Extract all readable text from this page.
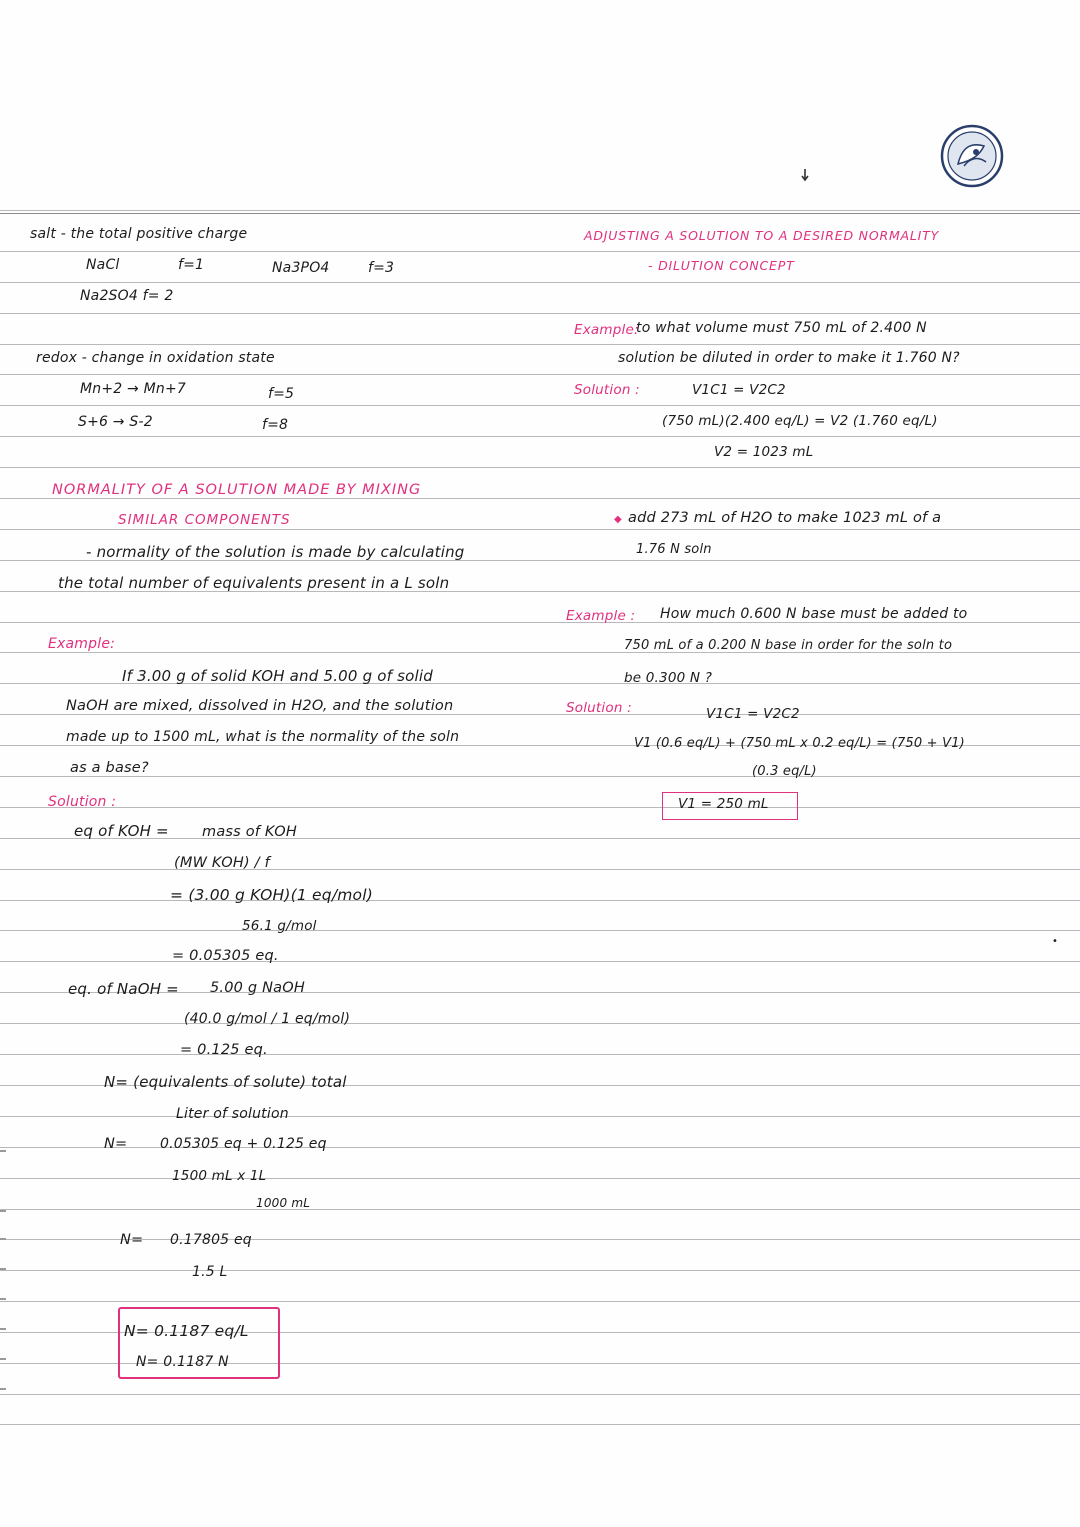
salt - the total positive charge
NaCl	f=1	Na3PO4	f=3
Na2SO4 f= 2
redox - change in oxidation state
Mn+2 → Mn+7	f=5
S+6 → S-2	f=8
NORMALITY OF A SOLUTION MADE BY MIXING
SIMILAR COMPONENTS
- normality of the solution is made by calculating
the total number of equivalents present in a L soln
Example:
If 3.00 g of solid KOH and 5.00 g of solid
NaOH are mixed, dissolved in H2O, and the solution
made up to 1500 mL, what is the normality of the soln
as a base?
Solution :
eq of KOH = mass of KOH
(MW KOH) / f
= (3.00 g KOH)(1 eq/mol)
56.1 g/mol
= 0.05305 eq.
eq. of NaOH = 5.00 g NaOH
(40.0 g/mol / 1 eq/mol)
= 0.125 eq.
N= (equivalents of solute) total
Liter of solution
N= 0.05305 eq + 0.125 eq
1500 mL x 1L
1000 mL
N= 0.17805 eq
1.5 L
N= 0.1187 eq/L
N= 0.1187 N
ADJUSTING A SOLUTION TO A DESIRED NORMALITY
- DILUTION CONCEPT
Example:
to what volume must 750 mL of 2.400 N
solution be diluted in order to make it 1.760 N?
Solution :	V1C1 = V2C2
(750 mL)(2.400 eq/L) = V2 (1.760 eq/L)
V2 = 1023 mL
◆ add 273 mL of H2O to make 1023 mL of a
1.76 N soln
Example : How much 0.600 N base must be added to
750 mL of a 0.200 N base in order for the soln to
be 0.300 N ?
Solution :	V1C1 = V2C2
V1 (0.6 eq/L) + (750 mL x 0.2 eq/L) = (750 + V1)
(0.3 eq/L)
V1 = 250 mL
•
